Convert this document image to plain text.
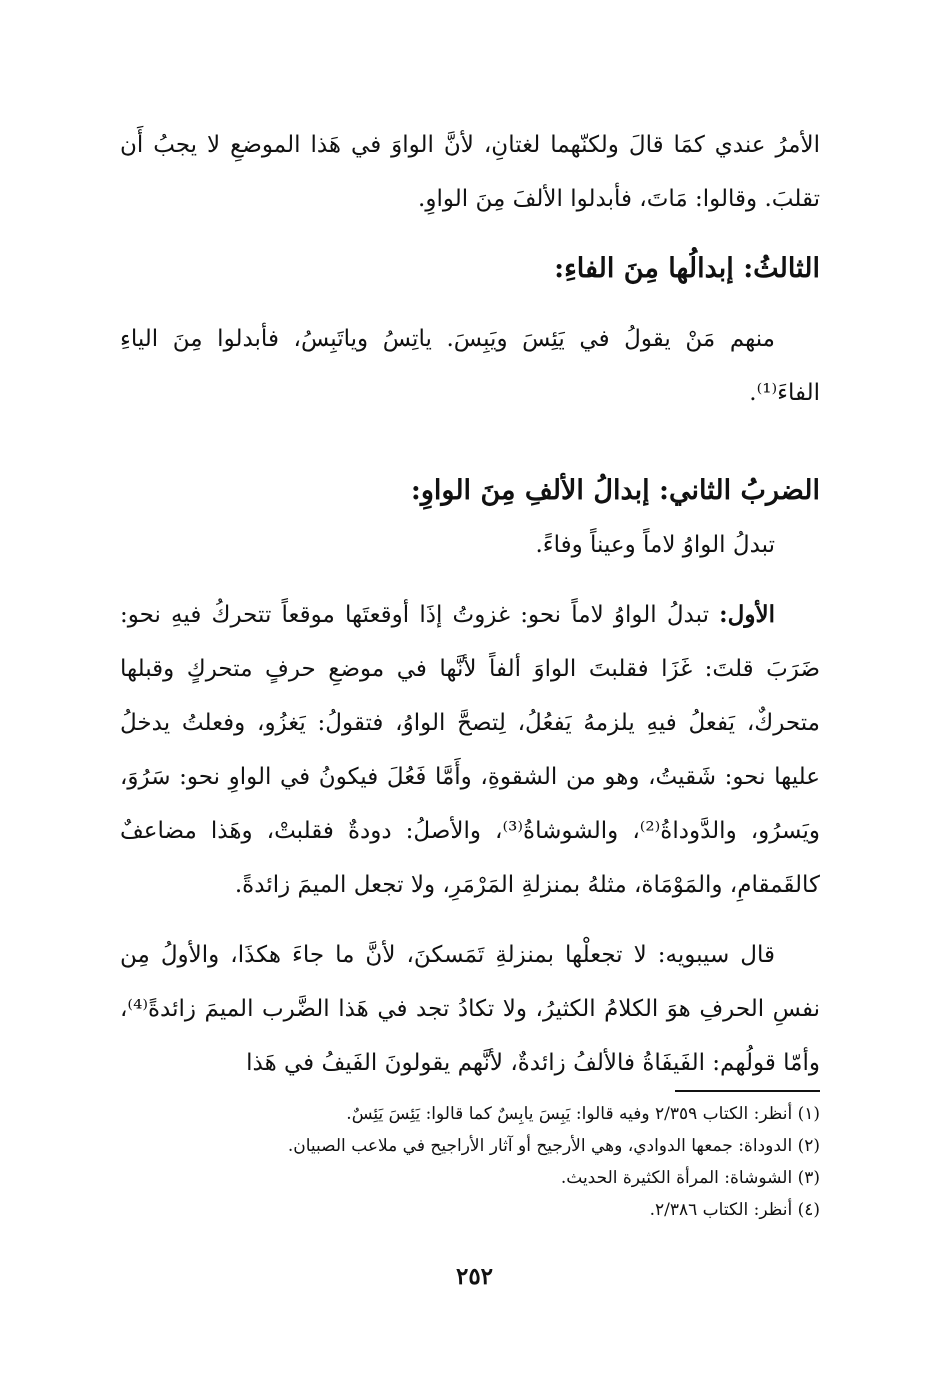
الأمرُ عندي كمَا قالَ ولكنّهما لغتانِ، لأنَّ الواوَ في هَذا الموضعِ لا يجبُ أَن تقلبَ. وقالوا: مَاتَ، فأبدلوا الألفَ مِنَ الواوِ.

الثالثُ: إبدالُها مِنَ الفاءِ:

منهم مَنْ يقولُ في يَئِسَ ويَبِسَ. ياتِسُ وياتَبِسُ، فأبدلوا مِنَ الياءِ الفاءَ⁽¹⁾.

الضربُ الثاني: إبدالُ الألفِ مِنَ الواوِ:

تبدلُ الواوُ لاماً وعيناً وفاءً.

الأول: تبدلُ الواوُ لاماً نحو: غزوتُ إذَا أوقعتَها موقعاً تتحركُ فيهِ نحو: ضَرَبَ قلتَ: غَزَا فقلبتَ الواوَ ألفاً لأنَّها في موضعِ حرفٍ متحركٍ وقبلها متحركٌ، يَفعلُ فيهِ يلزمهُ يَفعُلُ، لِتصحَّ الواوُ، فتقولُ: يَغزُو، وفعلتُ يدخلُ عليها نحو: شَقيتُ، وهو من الشقوةِ، وأَمَّا فَعُلَ فيكونُ في الواوِ نحو: سَرُوَ، ويَسرُو، والدَّوداةُ⁽²⁾، والشوشاةُ⁽³⁾، والأصلُ: دودةٌ فقلبتْ، وهَذا مضاعفٌ كالقَمقامِ، والمَوْمَاة، مثلهُ بمنزلةِ المَرْمَرِ، ولا تجعل الميمَ زائدةً.

قال سيبويه: لا تجعلْها بمنزلةِ تَمَسكنَ، لأنَّ ما جاءَ هكذَا، والأولُ مِن نفسِ الحرفِ هوَ الكلامُ الكثيرُ، ولا تكادُ تجد في هَذا الضَّرب الميمَ زائدةً⁽⁴⁾، وأمّا قولُهم: الفَيفَاةُ فالألفُ زائدةٌ، لأنَّهم يقولونَ الفَيفُ في هَذا

(١) أنظر: الكتاب ٢/٣٥٩ وفيه قالوا: يَبِسَ يابِسٌ كما قالوا: يَئِسَ يَئِسٌ.

(٢) الدوداة: جمعها الدوادي، وهي الأرجيح أو آثار الأراجيح في ملاعب الصبيان.

(٣) الشوشاة: المرأة الكثيرة الحديث.

(٤) أنظر: الكتاب ٢/٣٨٦.

٢٥٢
